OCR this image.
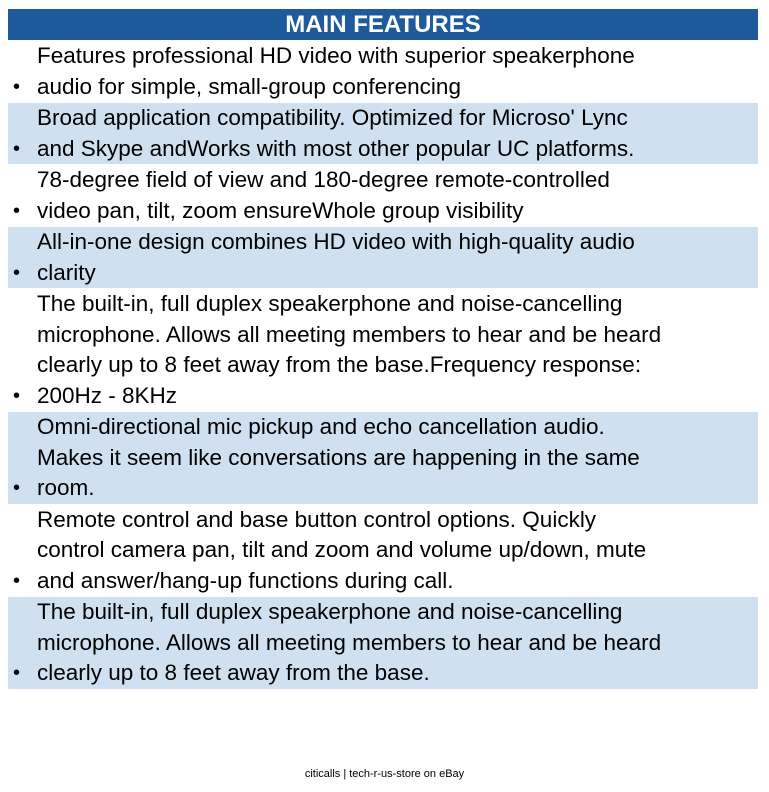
MAIN FEATURES
•
Features professional HD video with superior speakerphone
audio for simple, small-group conferencing
•
Broad application compatibility. Optimized for Microso' Lync
and Skype andWorks with most other popular UC platforms.
•
78-degree field of view and 180-degree remote-controlled
video pan, tilt, zoom ensureWhole group visibility
•
All-in-one design combines HD video with high-quality audio
clarity
•
The built-in, full duplex speakerphone and noise-cancelling
microphone. Allows all meeting members to hear and be heard
clearly up to 8 feet away from the base.Frequency response:
200Hz - 8KHz
•
Omni-directional mic pickup and echo cancellation audio.
Makes it seem like conversations are happening in the same
room.
•
Remote control and base button control options. Quickly
control camera pan, tilt and zoom and volume up/down, mute
and answer/hang-up functions during call.
•
The built-in, full duplex speakerphone and noise-cancelling
microphone. Allows all meeting members to hear and be heard
clearly up to 8 feet away from the base.
citicalls | tech-r-us-store on eBay
